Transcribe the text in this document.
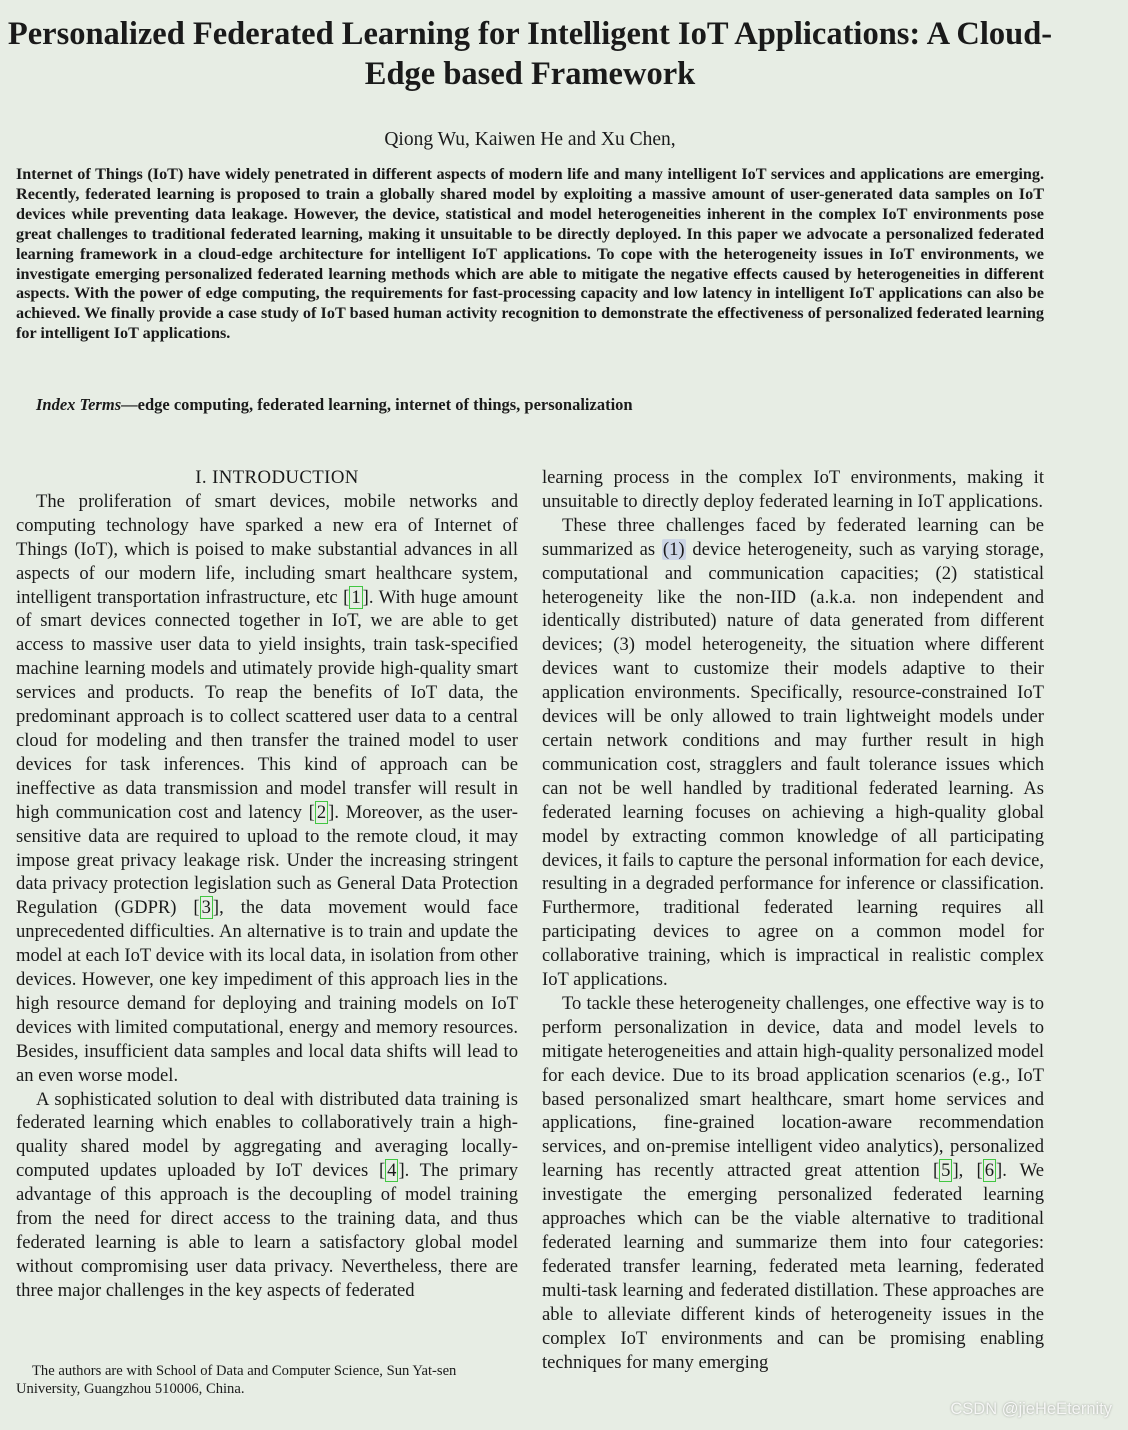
Personalized Federated Learning for Intelligent IoT Applications: A Cloud-Edge based Framework
Qiong Wu, Kaiwen He and Xu Chen,

Internet of Things (IoT) have widely penetrated in different aspects of modern life and many intelligent IoT services and applications are emerging. Recently, federated learning is proposed to train a globally shared model by exploiting a massive amount of user-generated data samples on IoT devices while preventing data leakage. However, the device, statistical and model heterogeneities inherent in the complex IoT environments pose great challenges to traditional federated learning, making it unsuitable to be directly deployed. In this paper we advocate a personalized federated learning framework in a cloud-edge architecture for intelligent IoT applications. To cope with the heterogeneity issues in IoT environments, we investigate emerging personalized federated learning methods which are able to mitigate the negative effects caused by heterogeneities in different aspects. With the power of edge computing, the requirements for fast-processing capacity and low latency in intelligent IoT applications can also be achieved. We finally provide a case study of IoT based human activity recognition to demonstrate the effectiveness of personalized federated learning for intelligent IoT applications.

Index Terms—edge computing, federated learning, internet of things, personalization

I. INTRODUCTION

The proliferation of smart devices, mobile networks and computing technology have sparked a new era of Internet of Things (IoT), which is poised to make substantial advances in all aspects of our modern life, including smart healthcare system, intelligent transportation infrastructure, etc [ 1 ]. With huge amount of smart devices connected together in IoT, we are able to get access to massive user data to yield insights, train task-specified machine learning models and utimately provide high-quality smart services and products. To reap the benefits of IoT data, the predominant approach is to collect scattered user data to a central cloud for modeling and then transfer the trained model to user devices for task inferences. This kind of approach can be ineffective as data transmission and model transfer will result in high communication cost and latency [ 2 ]. Moreover, as the user-sensitive data are required to upload to the remote cloud, it may impose great privacy leakage risk. Under the increasing stringent data privacy protection legislation such as General Data Protection Regulation (GDPR) [ 3 ], the data movement would face unprecedented difficulties. An alternative is to train and update the model at each IoT device with its local data, in isolation from other devices. However, one key impediment of this approach lies in the high resource demand for deploying and training models on IoT devices with limited computational, energy and memory resources. Besides, insufficient data samples and local data shifts will lead to an even worse model.

A sophisticated solution to deal with distributed data training is federated learning which enables to collaboratively train a high-quality shared model by aggregating and averaging locally-computed updates uploaded by IoT devices [ 4 ]. The primary advantage of this approach is the decoupling of model training from the need for direct access to the training data, and thus federated learning is able to learn a satisfactory global model without compromising user data privacy. Nevertheless, there are three major challenges in the key aspects of federated

learning process in the complex IoT environments, making it unsuitable to directly deploy federated learning in IoT applications.

These three challenges faced by federated learning can be summarized as (1) device heterogeneity, such as varying storage, computational and communication capacities; (2) statistical heterogeneity like the non-IID (a.k.a. non independent and identically distributed) nature of data generated from different devices; (3) model heterogeneity, the situation where different devices want to customize their models adaptive to their application environments. Specifically, resource-constrained IoT devices will be only allowed to train lightweight models under certain network conditions and may further result in high communication cost, stragglers and fault tolerance issues which can not be well handled by traditional federated learning. As federated learning focuses on achieving a high-quality global model by extracting common knowledge of all participating devices, it fails to capture the personal information for each device, resulting in a degraded performance for inference or classification. Furthermore, traditional federated learning requires all participating devices to agree on a common model for collaborative training, which is impractical in realistic complex IoT applications.

To tackle these heterogeneity challenges, one effective way is to perform personalization in device, data and model levels to mitigate heterogeneities and attain high-quality personalized model for each device. Due to its broad application scenarios (e.g., IoT based personalized smart healthcare, smart home services and applications, fine-grained location-aware recommendation services, and on-premise intelligent video analytics), personalized learning has recently attracted great attention [ 5 ], [ 6 ]. We investigate the emerging personalized federated learning approaches which can be the viable alternative to traditional federated learning and summarize them into four categories: federated transfer learning, federated meta learning, federated multi-task learning and federated distillation. These approaches are able to alleviate different kinds of heterogeneity issues in the complex IoT environments and can be promising enabling techniques for many emerging

The authors are with School of Data and Computer Science, Sun Yat-sen University, Guangzhou 510006, China.
CSDN @jieHeEternity
